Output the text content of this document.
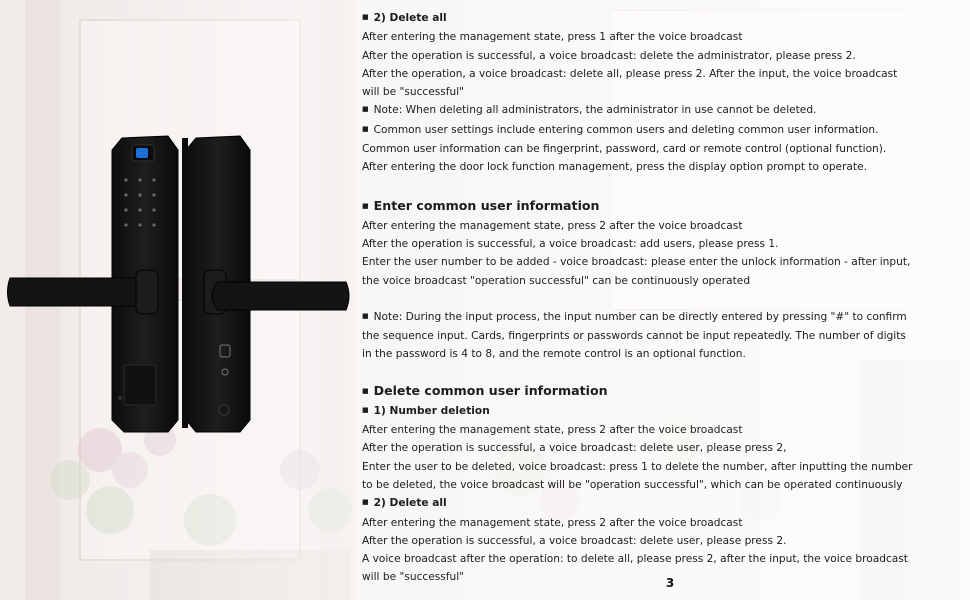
■ 2) Delete all

After entering the management state, press 1 after the voice broadcast

After the operation is successful, a voice broadcast: delete the administrator, please press 2.

After the operation, a voice broadcast: delete all, please press 2. After the input, the voice broadcast

will be "successful"

■ Note: When deleting all administrators, the administrator in use cannot be deleted.

■ Common user settings include entering common users and deleting common user information.

Common user information can be fingerprint, password, card or remote control (optional function).

After entering the door lock function management, press the display option prompt to operate.

■ Enter common user information

After entering the management state, press 2 after the voice broadcast

After the operation is successful, a voice broadcast: add users, please press 1.

Enter the user number to be added - voice broadcast: please enter the unlock information - after input,

the voice broadcast "operation successful" can be continuously operated

■ Note: During the input process, the input number can be directly entered by pressing "#" to confirm

the sequence input. Cards, fingerprints or passwords cannot be input repeatedly. The number of digits

in the password is 4 to 8, and the remote control is an optional function.

■ Delete common user information

■ 1) Number deletion

After entering the management state, press 2 after the voice broadcast

After the operation is successful, a voice broadcast: delete user, please press 2,

Enter the user to be deleted, voice broadcast: press 1 to delete the number, after inputting the number

to be deleted, the voice broadcast will be "operation successful", which can be operated continuously

■ 2) Delete all

After entering the management state, press 2 after the voice broadcast

After the operation is successful, a voice broadcast: delete user, please press 2.

A voice broadcast after the operation: to delete all, please press 2, after the input, the voice broadcast

will be "successful"	3
